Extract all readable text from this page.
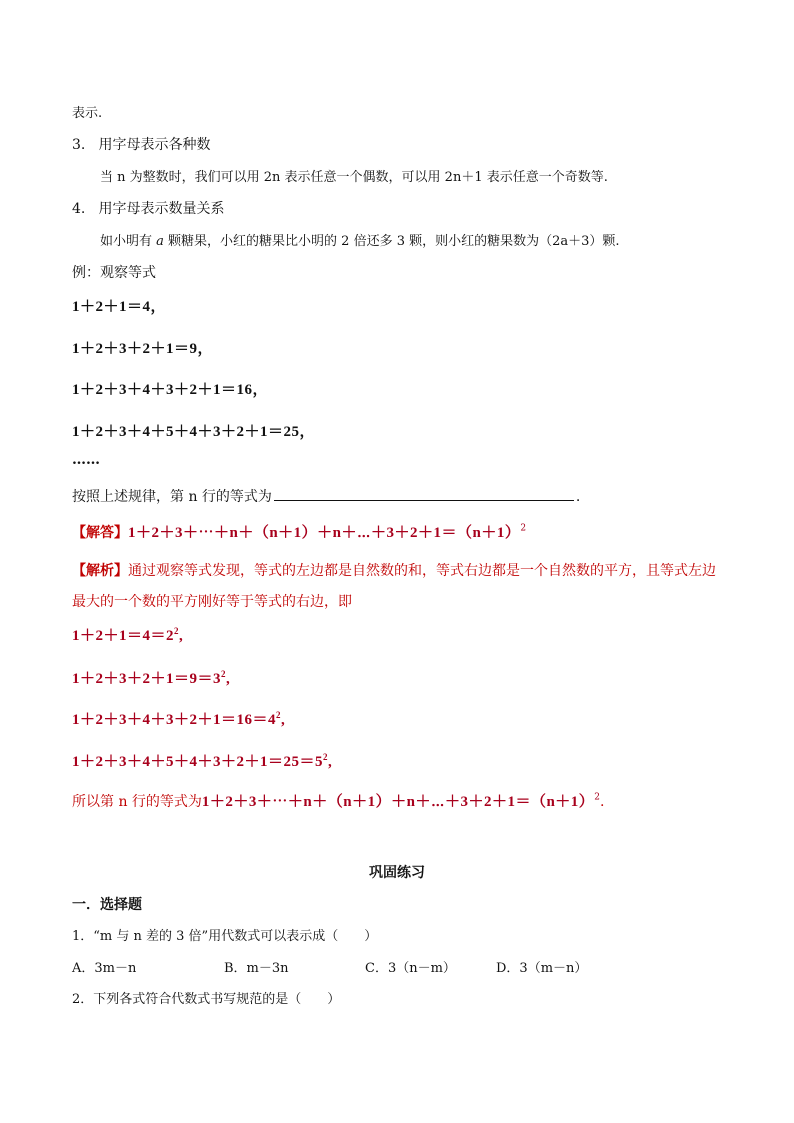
表示.
3. 用字母表示各种数
当 n 为整数时，我们可以用 2n 表示任意一个偶数，可以用 2n＋1 表示任意一个奇数等.
4. 用字母表示数量关系
如小明有 a 颗糖果，小红的糖果比小明的 2 倍还多 3 颗，则小红的糖果数为（2a＋3）颗.
例：观察等式
1＋2＋1＝4，
1＋2＋3＋2＋1＝9，
1＋2＋3＋4＋3＋2＋1＝16，
1＋2＋3＋4＋5＋4＋3＋2＋1＝25，
……
按照上述规律，第 n 行的等式为	.
【解答】$1+2+3+\cdots+n+(n+1)+n+\cdots+3+2+1=(n+1)^2$
【解析】通过观察等式发现，等式的左边都是自然数的和，等式右边都是一个自然数的平方，且等式左边
最大的一个数的平方刚好等于等式的右边，即
$1+2+1=4=2^2$,
$1+2+3+2+1=9=3^2$,
$1+2+3+4+3+2+1=16=4^2$,
$1+2+3+4+5+4+3+2+1=25=5^2$,
所以第 n 行的等式为$1+2+3+\cdots+n+(n+1)+n+\cdots+3+2+1=(n+1)^2$.
巩固练习
一．选择题
1．“m 与 n 差的 3 倍”用代数式可以表示成（　　）
A．3m－n	B．m－3n	C．3（n－m）	D．3（m－n）
2．下列各式符合代数式书写规范的是（　　）
